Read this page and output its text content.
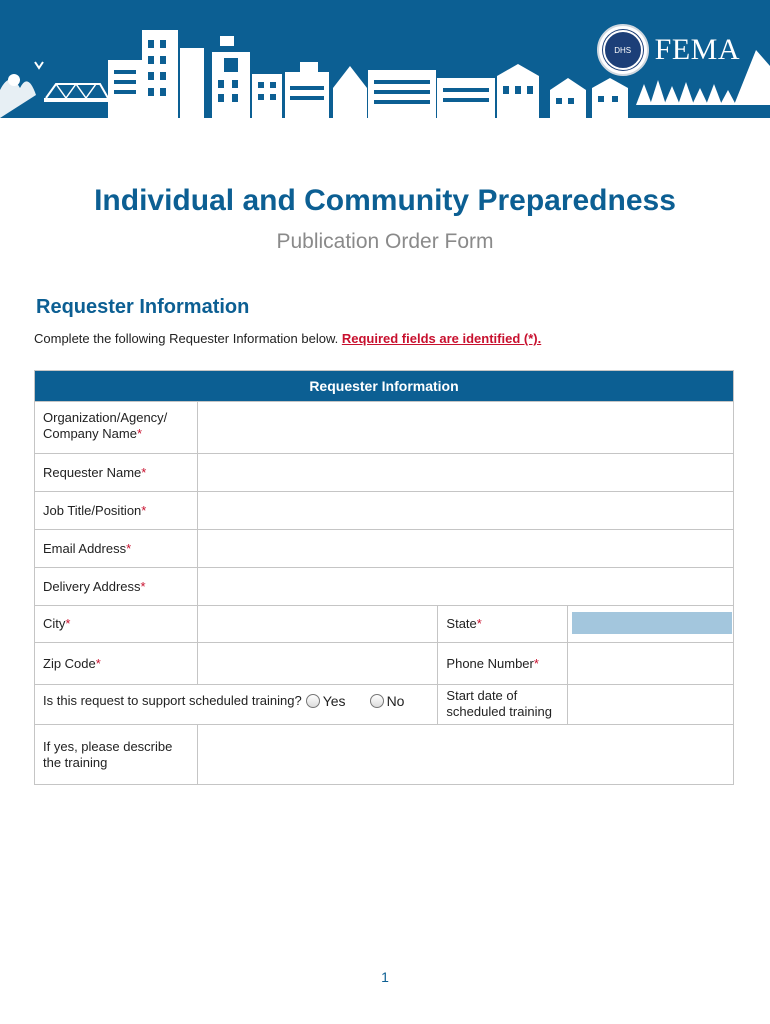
DHS FEMA
Individual and Community Preparedness
Publication Order Form
Requester Information
Complete the following Requester Information below. Required fields are identified (*).
Requester Information
Organization/Agency/
Company Name*
Requester Name*
Job Title/Position*
Email Address*
Delivery Address*
City*	State*
Zip Code*	Phone Number*
Is this request to support scheduled training? Yes	No	Start date of
scheduled training
If yes, please describe
the training
1
